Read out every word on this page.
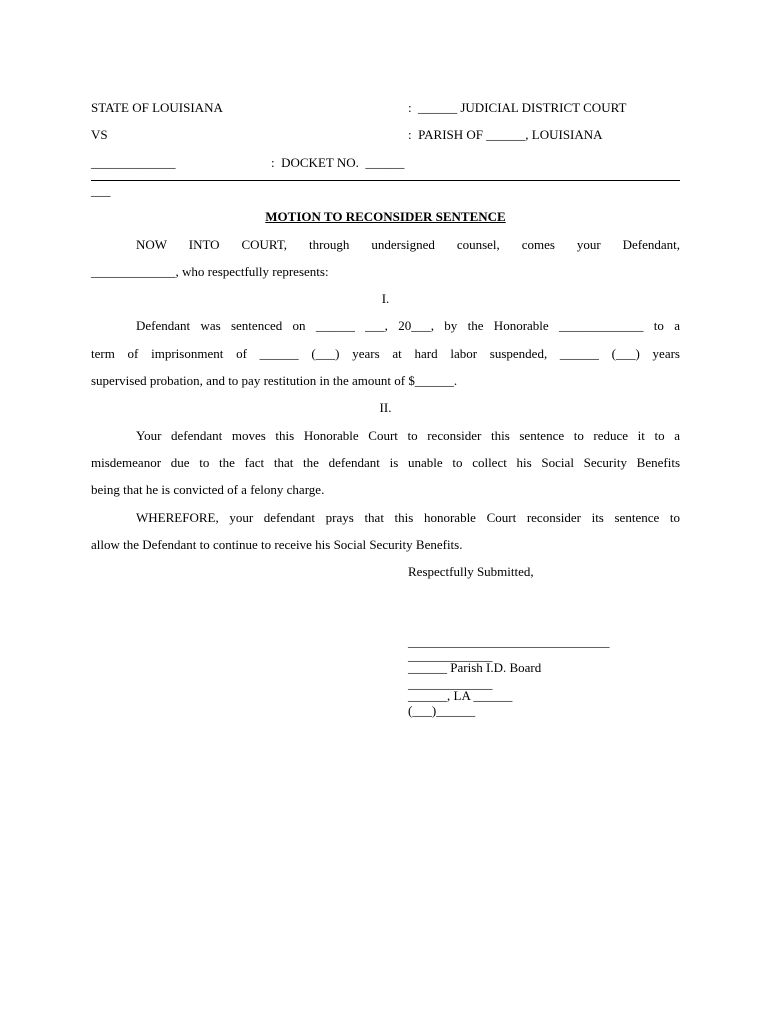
STATE OF LOUISIANA	:  ______ JUDICIAL DISTRICT COURT
VS	:  PARISH OF ______, LOUISIANA
_____________	:  DOCKET NO.  ______
___
MOTION TO RECONSIDER SENTENCE
NOW INTO COURT, through undersigned counsel, comes your Defendant,
_____________, who respectfully represents:
I.
Defendant was sentenced on ______ ___, 20___, by the Honorable _____________ to a
term of imprisonment of ______ (___) years at hard labor suspended, ______ (___) years
supervised probation, and to pay restitution in the amount of $______.
II.
Your defendant moves this Honorable Court to reconsider this sentence to reduce it to a
misdemeanor due to the fact that the defendant is unable to collect his Social Security Benefits
being that he is convicted of a felony charge.
WHEREFORE, your defendant prays that this honorable Court reconsider its sentence to
allow the Defendant to continue to receive his Social Security Benefits.
Respectfully Submitted,
_______________________________
_____________
______ Parish I.D. Board
_____________
______, LA ______
(___)______
